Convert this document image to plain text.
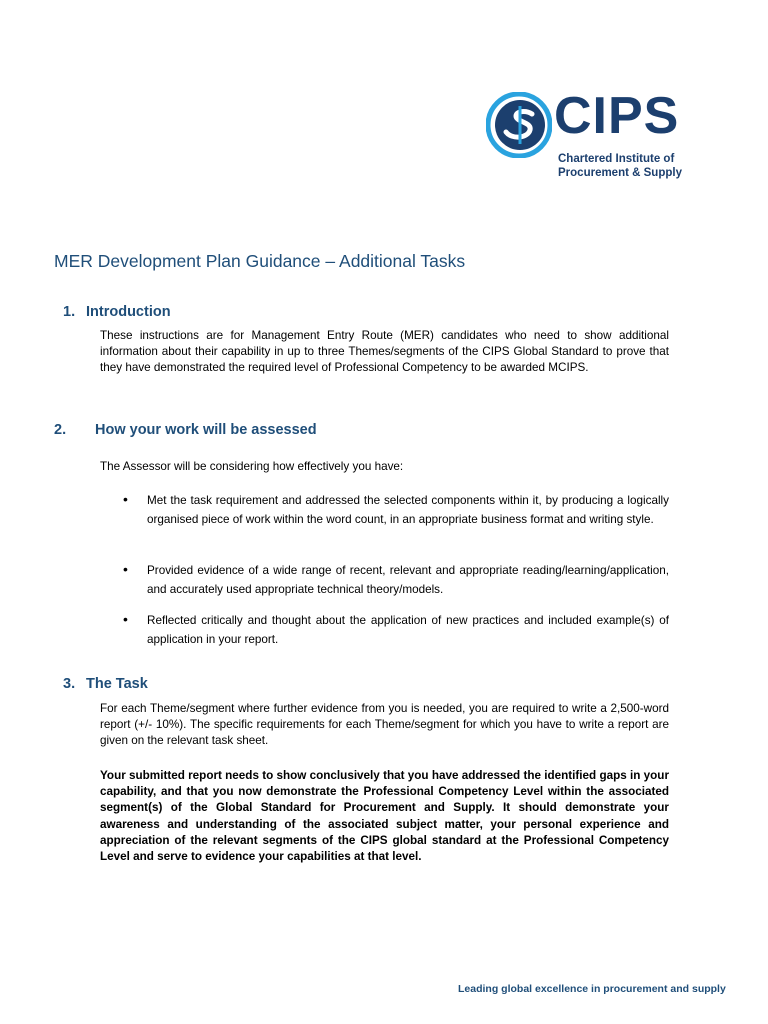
CIPS
Chartered Institute of
Procurement & Supply
MER Development Plan Guidance – Additional Tasks
1. Introduction
These instructions are for Management Entry Route (MER) candidates who need to show additional information about their capability in up to three Themes/segments of the CIPS Global Standard to prove that they have demonstrated the required level of Professional Competency to be awarded MCIPS.
2. How your work will be assessed
The Assessor will be considering how effectively you have:
• Met the task requirement and addressed the selected components within it, by producing a logically organised piece of work within the word count, in an appropriate business format and writing style.
• Provided evidence of a wide range of recent, relevant and appropriate reading/learning/application, and accurately used appropriate technical theory/models.
• Reflected critically and thought about the application of new practices and included example(s) of application in your report.
3. The Task
For each Theme/segment where further evidence from you is needed, you are required to write a 2,500-word report (+/- 10%). The specific requirements for each Theme/segment for which you have to write a report are given on the relevant task sheet.
Your submitted report needs to show conclusively that you have addressed the identified gaps in your capability, and that you now demonstrate the Professional Competency Level within the associated segment(s) of the Global Standard for Procurement and Supply. It should demonstrate your awareness and understanding of the associated subject matter, your personal experience and appreciation of the relevant segments of the CIPS global standard at the Professional Competency Level and serve to evidence your capabilities at that level.
Leading global excellence in procurement and supply
